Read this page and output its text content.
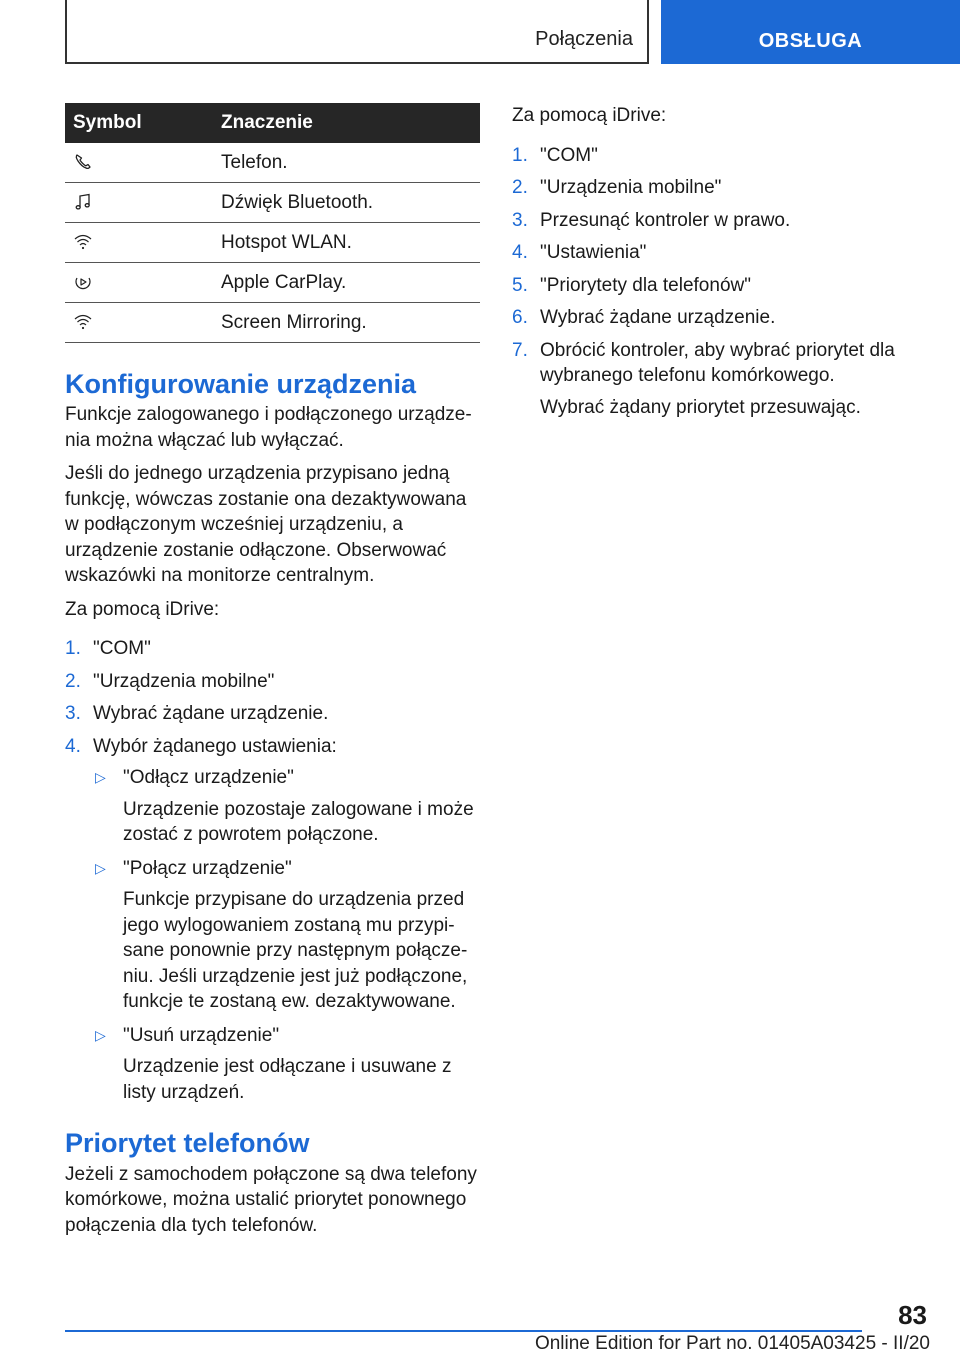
Połączenia	OBSŁUGA
Symbol	Znaczenie
	Telefon.
	Dźwięk Bluetooth.
	Hotspot WLAN.
	Apple CarPlay.
	Screen Mirroring.
Konfigurowanie urządzenia

Funkcje zalogowanego i podłączonego urządzenia można włączać lub wyłączać.

Jeśli do jednego urządzenia przypisano jedną funkcję, wówczas zostanie ona dezaktywowana w podłączonym wcześniej urządzeniu, a urządzenie zostanie odłączone. Obserwować wskazówki na monitorze centralnym.

Za pomocą iDrive:

1. "COM"
2. "Urządzenia mobilne"
3. Wybrać żądane urządzenie.
4. Wybór żądanego ustawienia:
▷ "Odłącz urządzenie"
Urządzenie pozostaje zalogowane i może zostać z powrotem połączone.
▷ "Połącz urządzenie"
Funkcje przypisane do urządzenia przed jego wylogowaniem zostaną mu przypisane ponownie przy następnym połączeniu. Jeśli urządzenie jest już podłączone, funkcje te zostaną ew. dezaktywowane.
▷ "Usuń urządzenie"
Urządzenie jest odłączane i usuwane z listy urządzeń.
Priorytet telefonów

Jeżeli z samochodem połączone są dwa telefony komórkowe, można ustalić priorytet ponownego połączenia dla tych telefonów.

Za pomocą iDrive:

1. "COM"
2. "Urządzenia mobilne"
3. Przesunąć kontroler w prawo.
4. "Ustawienia"
5. "Priorytety dla telefonów"
6. Wybrać żądane urządzenie.
7. Obrócić kontroler, aby wybrać priorytet dla wybranego telefonu komórkowego.
Wybrać żądany priorytet przesuwając.
83
Online Edition for Part no. 01405A03425 - II/20
